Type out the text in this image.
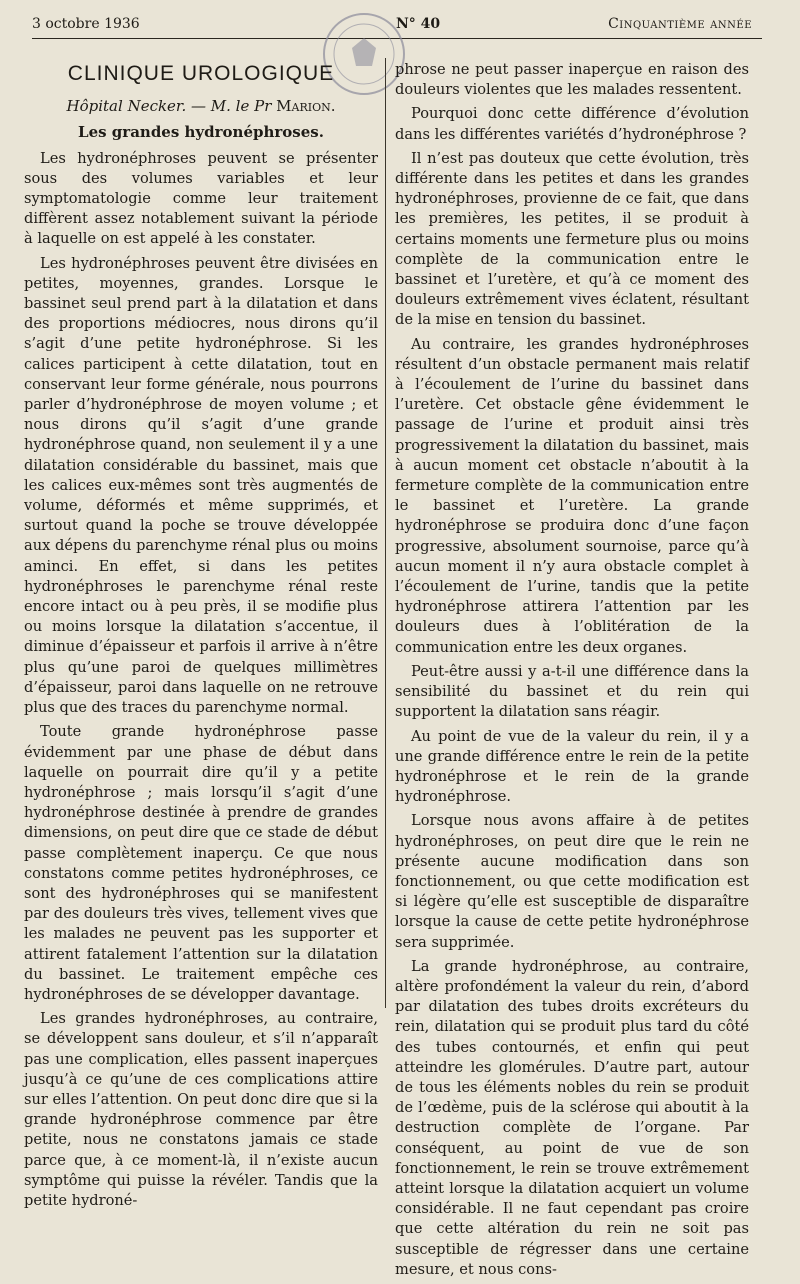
3 octobre 1936	N° 40	Cinquantième année
CLINIQUE UROLOGIQUE
Hôpital Necker. — M. le Pr Marion.
Les grandes hydronéphroses.

Les hydronéphroses peuvent se présenter sous des volumes variables et leur symptomatologie comme leur traitement diffèrent assez notablement suivant la période à laquelle on est appelé à les constater.

Les hydronéphroses peuvent être divisées en petites, moyennes, grandes. Lorsque le bassinet seul prend part à la dilatation et dans des proportions médiocres, nous dirons qu’il s’agit d’une petite hydronéphrose. Si les calices participent à cette dilatation, tout en conservant leur forme générale, nous pourrons parler d’hydronéphrose de moyen volume ; et nous dirons qu’il s’agit d’une grande hydronéphrose quand, non seulement il y a une dilatation considérable du bassinet, mais que les calices eux-mêmes sont très augmentés de volume, déformés et même supprimés, et surtout quand la poche se trouve développée aux dépens du parenchyme rénal plus ou moins aminci. En effet, si dans les petites hydronéphroses le parenchyme rénal reste encore intact ou à peu près, il se modifie plus ou moins lorsque la dilatation s’accentue, il diminue d’épaisseur et parfois il arrive à n’être plus qu’une paroi de quelques millimètres d’épaisseur, paroi dans laquelle on ne retrouve plus que des traces du parenchyme normal.

Toute grande hydronéphrose passe évidemment par une phase de début dans laquelle on pourrait dire qu’il y a petite hydronéphrose ; mais lorsqu’il s’agit d’une hydronéphrose destinée à prendre de grandes dimensions, on peut dire que ce stade de début passe complètement inaperçu. Ce que nous constatons comme petites hydronéphroses, ce sont des hydronéphroses qui se manifestent par des douleurs très vives, tellement vives que les malades ne peuvent pas les supporter et attirent fatalement l’attention sur la dilatation du bassinet. Le traitement empêche ces hydronéphroses de se développer davantage.

Les grandes hydronéphroses, au contraire, se développent sans douleur, et s’il n’apparaît pas une complication, elles passent inaperçues jusqu’à ce qu’une de ces complications attire sur elles l’attention. On peut donc dire que si la grande hydronéphrose commence par être petite, nous ne constatons jamais ce stade parce que, à ce moment-là, il n’existe aucun symptôme qui puisse la révéler. Tandis que la petite hydroné-

phrose ne peut passer inaperçue en raison des douleurs violentes que les malades ressentent.

Pourquoi donc cette différence d’évolution dans les différentes variétés d’hydronéphrose ?

Il n’est pas douteux que cette évolution, très différente dans les petites et dans les grandes hydronéphroses, provienne de ce fait, que dans les premières, les petites, il se produit à certains moments une fermeture plus ou moins complète de la communication entre le bassinet et l’uretère, et qu’à ce moment des douleurs extrêmement vives éclatent, résultant de la mise en tension du bassinet.

Au contraire, les grandes hydronéphroses résultent d’un obstacle permanent mais relatif à l’écoulement de l’urine du bassinet dans l’uretère. Cet obstacle gêne évidemment le passage de l’urine et produit ainsi très progressivement la dilatation du bassinet, mais à aucun moment cet obstacle n’aboutit à la fermeture complète de la communication entre le bassinet et l’uretère. La grande hydronéphrose se produira donc d’une façon progressive, absolument sournoise, parce qu’à aucun moment il n’y aura obstacle complet à l’écoulement de l’urine, tandis que la petite hydronéphrose attirera l’attention par les douleurs dues à l’oblitération de la communication entre les deux organes.

Peut-être aussi y a-t-il une différence dans la sensibilité du bassinet et du rein qui supportent la dilatation sans réagir.

Au point de vue de la valeur du rein, il y a une grande différence entre le rein de la petite hydronéphrose et le rein de la grande hydronéphrose.

Lorsque nous avons affaire à de petites hydronéphroses, on peut dire que le rein ne présente aucune modification dans son fonctionnement, ou que cette modification est si légère qu’elle est susceptible de disparaître lorsque la cause de cette petite hydronéphrose sera supprimée.

La grande hydronéphrose, au contraire, altère profondément la valeur du rein, d’abord par dilatation des tubes droits excréteurs du rein, dilatation qui se produit plus tard du côté des tubes contournés, et enfin qui peut atteindre les glomérules. D’autre part, autour de tous les éléments nobles du rein se produit de l’œdème, puis de la sclérose qui aboutit à la destruction complète de l’organe. Par conséquent, au point de vue de son fonctionnement, le rein se trouve extrêmement atteint lorsque la dilatation acquiert un volume considérable. Il ne faut cependant pas croire que cette altération du rein ne soit pas susceptible de régresser dans une certaine mesure, et nous cons-
